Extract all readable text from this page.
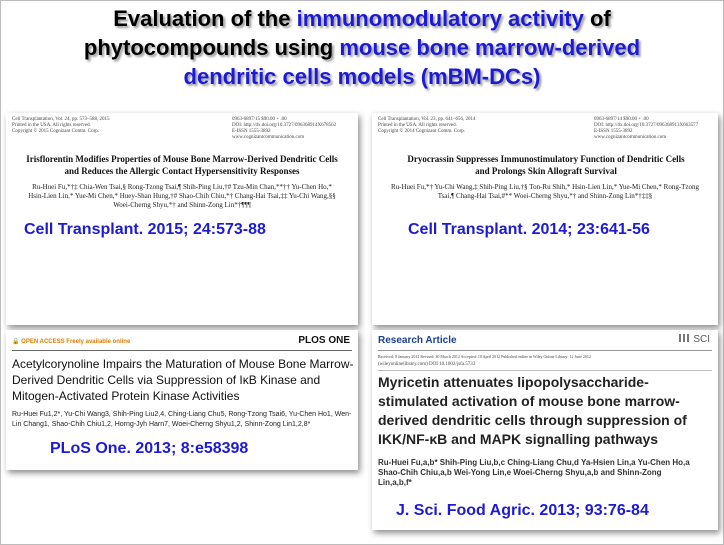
Evaluation of the immunomodulatory activity of
phytocompounds using mouse bone marrow-derived
dendritic cells models (mBM-DCs)
Cell Transplantation, Vol. 24, pp. 573–588, 2015
Printed in the USA. All rights reserved.
Copyright © 2015 Cognizant Comm. Corp.
0963-6897/15 $90.00 + .00
DOI: http://dx.doi.org/10.3727/096368914X678562
E-ISSN 1555-3892
www.cognizantcommunication.com
Irisflorentin Modifies Properties of Mouse Bone Marrow-Derived Dendritic Cells and Reduces the Allergic Contact Hypersensitivity Responses
Ru-Huei Fu,*†‡ Chia-Wen Tsai,§ Rong-Tzong Tsai,¶ Shih-Ping Liu,†# Tzu-Min Chan,**†† Yu-Chen Ho,* Hsin-Lien Lin,* Yue-Mi Chen,* Huey-Shan Hung,†# Shao-Chih Chiu,*† Chang-Hai Tsai,‡‡ Yu-Chi Wang,§§ Woei-Cherng Shyu,*† and Shinn-Zong Lin*†¶¶¶
Cell Transplant. 2015; 24:573-88
Cell Transplantation, Vol. 23, pp. 641–656, 2014
Printed in the USA. All rights reserved.
Copyright © 2014 Cognizant Comm. Corp.
0963-6897/14 $90.00 + .00
DOI: http://dx.doi.org/10.3727/096368913X663577
E-ISSN 1555-3892
www.cognizantcommunication.com
Dryocrassin Suppresses Immunostimulatory Function of Dendritic Cells and Prolongs Skin Allograft Survival
Ru-Huei Fu,*† Yu-Chi Wang,‡ Shih-Ping Liu,†§ Ton-Ru Shih,* Hsin-Lien Lin,* Yue-Mi Chen,* Rong-Tzong Tsai,¶ Chang-Hai Tsai,#** Woei-Cherng Shyu,*† and Shinn-Zong Lin*†‡‡§
Cell Transplant. 2014; 23:641-56
🔓 OPEN ACCESS Freely available online	PLOS ONE
Acetylcorynoline Impairs the Maturation of Mouse Bone Marrow-Derived Dendritic Cells via Suppression of IκB Kinase and Mitogen-Activated Protein Kinase Activities
Ru-Huei Fu1,2*, Yu-Chi Wang3, Shih-Ping Liu2,4, Ching-Liang Chu5, Rong-Tzong Tsai6, Yu-Chen Ho1, Wen-Lin Chang1, Shao-Chih Chiu1,2, Horng-Jyh Harn7, Woei-Cherng Shyu1,2, Shinn-Zong Lin1,2,8*
PLoS One. 2013; 8:e58398
Research Article	SCI
Received: 8 January 2012 Revised: 30 March 2012 Accepted: 10 April 2012 Published online in Wiley Online Library: 12 June 2012
(wileyonlinelibrary.com) DOI 10.1002/jsfa.5733
Myricetin attenuates lipopolysaccharide-stimulated activation of mouse bone marrow-derived dendritic cells through suppression of IKK/NF-κB and MAPK signalling pathways
Ru-Huei Fu,a,b* Shih-Ping Liu,b,c Ching-Liang Chu,d Ya-Hsien Lin,a Yu-Chen Ho,a Shao-Chih Chiu,a,b Wei-Yong Lin,e Woei-Cherng Shyu,a,b and Shinn-Zong Lin,a,b,f*
J. Sci. Food Agric. 2013; 93:76-84
